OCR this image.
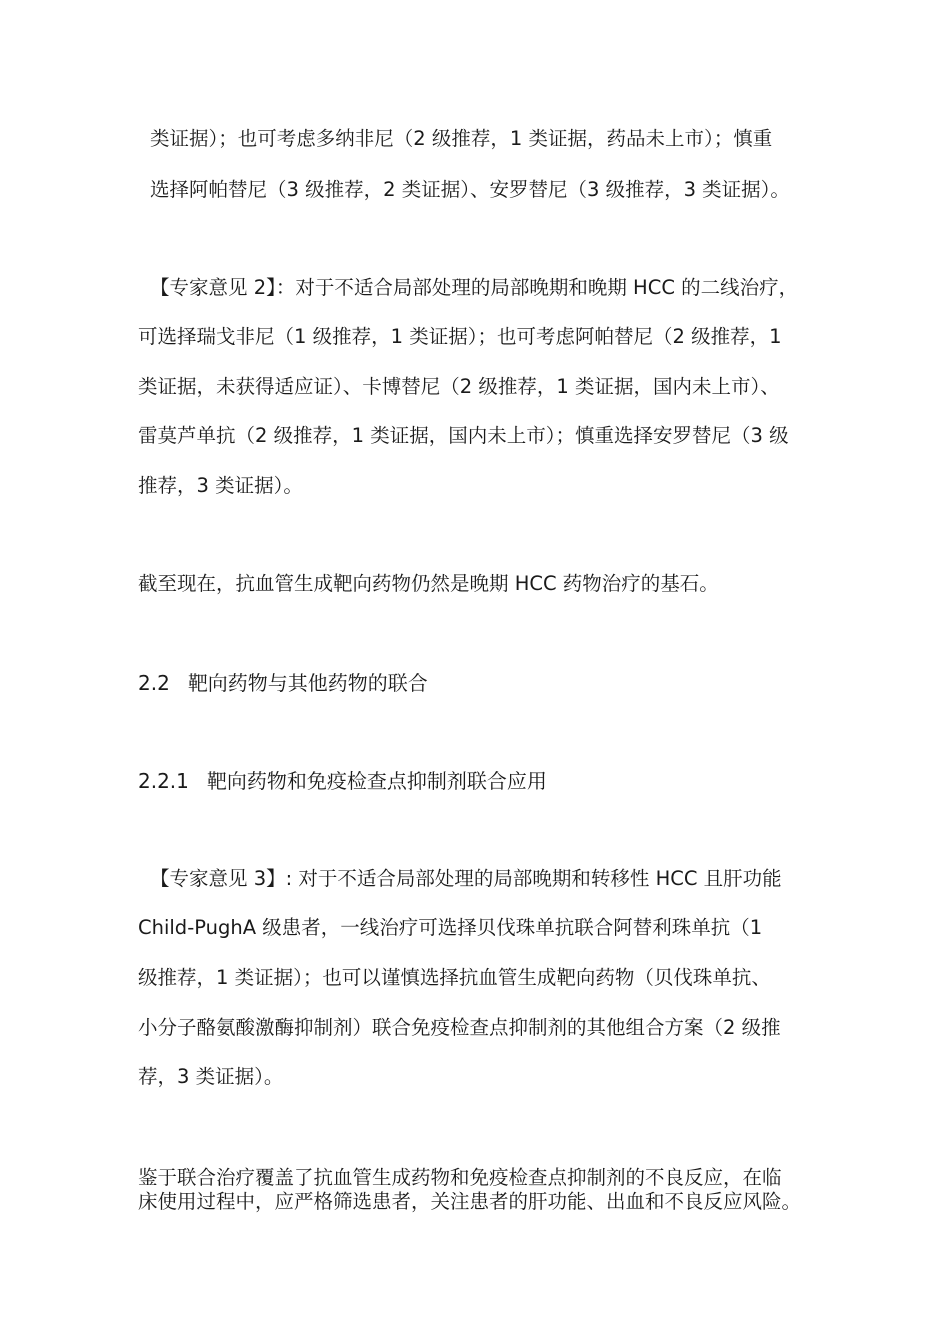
类证据）；也可考虑多纳非尼（2 级推荐，1 类证据，药品未上市）；慎重
选择阿帕替尼（3 级推荐，2 类证据）、安罗替尼（3 级推荐，3 类证据）。
【专家意见 2】：对于不适合局部处理的局部晚期和晚期 HCC 的二线治疗，
可选择瑞戈非尼（1 级推荐，1 类证据）；也可考虑阿帕替尼（2 级推荐，1
类证据，未获得适应证）、卡博替尼（2 级推荐，1 类证据，国内未上市）、
雷莫芦单抗（2 级推荐，1 类证据，国内未上市）；慎重选择安罗替尼（3 级
推荐，3 类证据）。
截至现在，抗血管生成靶向药物仍然是晚期 HCC 药物治疗的基石。
2.2 靶向药物与其他药物的联合
2.2.1 靶向药物和免疫检查点抑制剂联合应用
【专家意见 3】: 对于不适合局部处理的局部晚期和转移性 HCC 且肝功能
Child-PughA 级患者，一线治疗可选择贝伐珠单抗联合阿替利珠单抗（1
级推荐，1 类证据）；也可以谨慎选择抗血管生成靶向药物（贝伐珠单抗、
小分子酪氨酸激酶抑制剂）联合免疫检查点抑制剂的其他组合方案（2 级推
荐，3 类证据）。
鉴于联合治疗覆盖了抗血管生成药物和免疫检查点抑制剂的不良反应，在临
床使用过程中，应严格筛选患者，关注患者的肝功能、出血和不良反应风险。
